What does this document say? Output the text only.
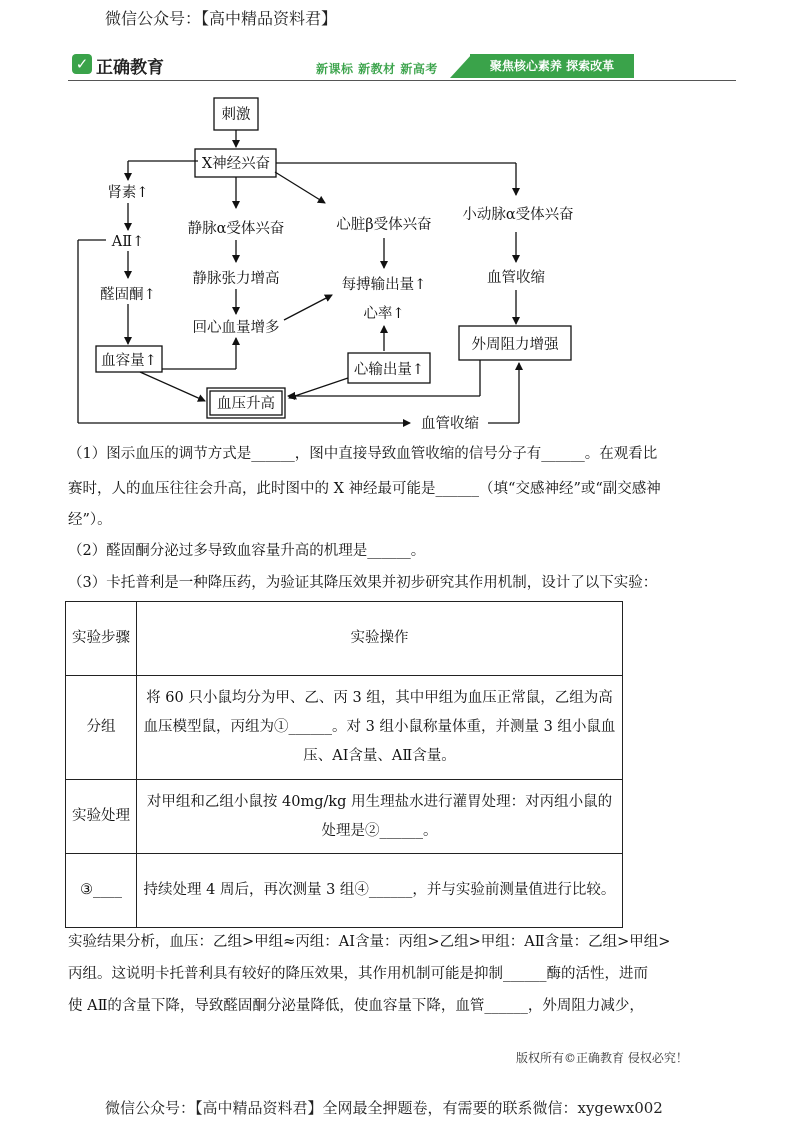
微信公众号：【高中精品资料君】
✓ 正确教育	新课标 新教材 新高考	聚焦核心素养 探索改革
刺激
X神经兴奋
肾素↑
AⅡ↑
醛固酮↑
血容量↑
静脉α受体兴奋
静脉张力增高
回心血量增多
心脏β受体兴奋
每搏输出量↑
心率↑
心输出量↑
小动脉α受体兴奋
血管收缩
外周阻力增强
血压升高
血管收缩
（1）图示血压的调节方式是______，图中直接导致血管收缩的信号分子有______。在观看比
赛时，人的血压往往会升高，此时图中的 X 神经最可能是______（填“交感神经”或“副交感神
经”）。
（2）醛固酮分泌过多导致血容量升高的机理是______。
（3）卡托普利是一种降压药，为验证其降压效果并初步研究其作用机制，设计了以下实验：
实验步骤	实验操作
分组	将 60 只小鼠均分为甲、乙、丙 3 组，其中甲组为血压正常鼠，乙组为高血压模型鼠，丙组为①______。对 3 组小鼠称量体重，并测量 3 组小鼠血压、AⅠ含量、AⅡ含量。
实验处理	对甲组和乙组小鼠按 40mg/kg 用生理盐水进行灌胃处理：对丙组小鼠的处理是②______。
③____	持续处理 4 周后，再次测量 3 组④______，并与实验前测量值进行比较。
实验结果分析，血压：乙组>甲组≈丙组：AⅠ含量：丙组>乙组>甲组：AⅡ含量：乙组>甲组>
丙组。这说明卡托普利具有较好的降压效果，其作用机制可能是抑制______酶的活性，进而
使 AⅡ的含量下降，导致醛固酮分泌量降低，使血容量下降，血管______，外周阻力减少，
版权所有©正确教育 侵权必究！
微信公众号：【高中精品资料君】全网最全押题卷，有需要的联系微信：xygewx002
